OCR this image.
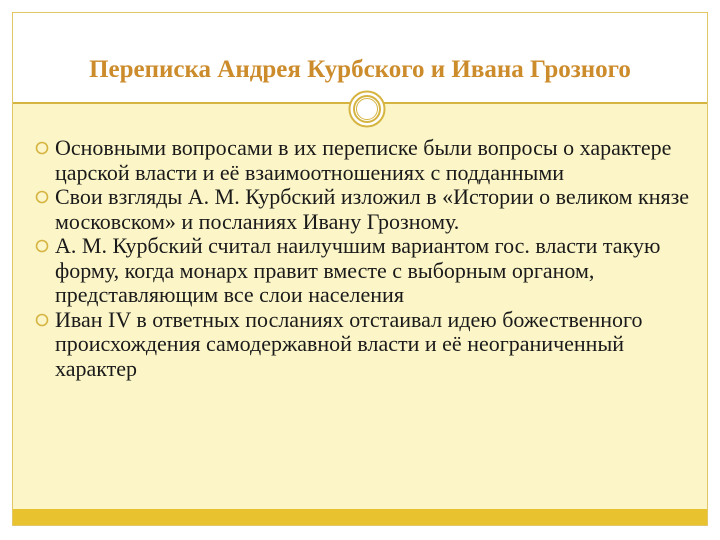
Переписка Андрея Курбского и Ивана Грозного
Основными вопросами в их переписке были вопросы о характере царской власти и её взаимоотношениях с подданными
Свои взгляды А. М. Курбский изложил в «Истории о великом князе московском» и посланиях Ивану Грозному.
А. М. Курбский считал наилучшим вариантом гос. власти такую форму, когда монарх правит вместе с выборным органом, представляющим все слои населения
Иван IV в ответных посланиях отстаивал идею божественного происхождения самодержавной власти и её неограниченный характер
